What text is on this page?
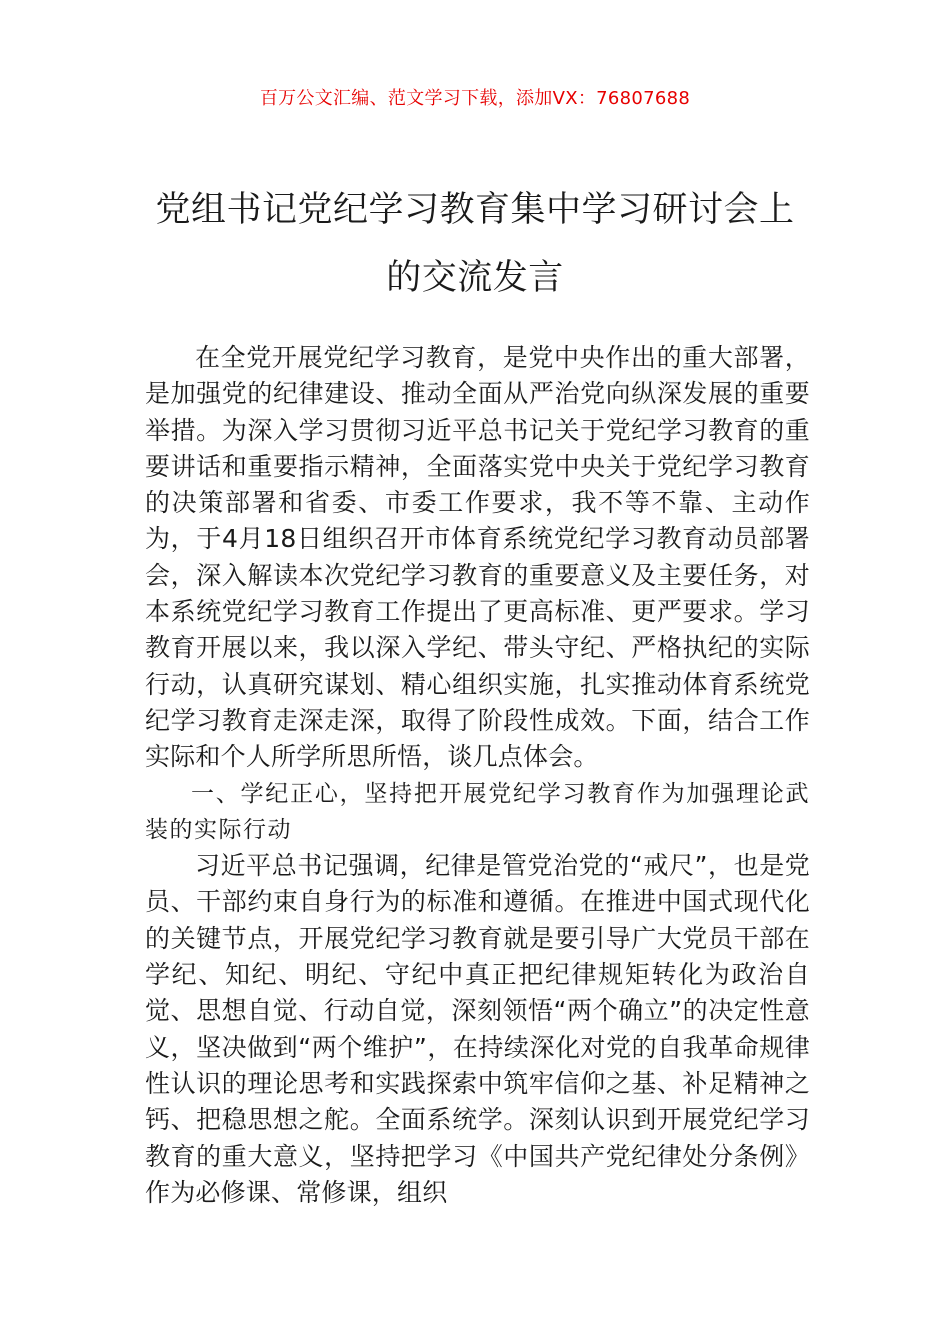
百万公文汇编、范文学习下载，添加VX：76807688
党组书记党纪学习教育集中学习研讨会上
的交流发言

在全党开展党纪学习教育，是党中央作出的重大部署，是加强党的纪律建设、推动全面从严治党向纵深发展的重要举措。为深入学习贯彻习近平总书记关于党纪学习教育的重要讲话和重要指示精神，全面落实党中央关于党纪学习教育的决策部署和省委、市委工作要求，我不等不靠、主动作为，于4月18日组织召开市体育系统党纪学习教育动员部署会，深入解读本次党纪学习教育的重要意义及主要任务，对本系统党纪学习教育工作提出了更高标准、更严要求。学习教育开展以来，我以深入学纪、带头守纪、严格执纪的实际行动，认真研究谋划、精心组织实施，扎实推动体育系统党纪学习教育走深走深，取得了阶段性成效。下面，结合工作实际和个人所学所思所悟，谈几点体会。

一、学纪正心，坚持把开展党纪学习教育作为加强理论武装的实际行动

习近平总书记强调，纪律是管党治党的“戒尺”，也是党员、干部约束自身行为的标准和遵循。在推进中国式现代化的关键节点，开展党纪学习教育就是要引导广大党员干部在学纪、知纪、明纪、守纪中真正把纪律规矩转化为政治自觉、思想自觉、行动自觉，深刻领悟“两个确立”的决定性意义，坚决做到“两个维护”，在持续深化对党的自我革命规律性认识的理论思考和实践探索中筑牢信仰之基、补足精神之钙、把稳思想之舵。全面系统学。深刻认识到开展党纪学习教育的重大意义，坚持把学习《中国共产党纪律处分条例》作为必修课、常修课，组织
